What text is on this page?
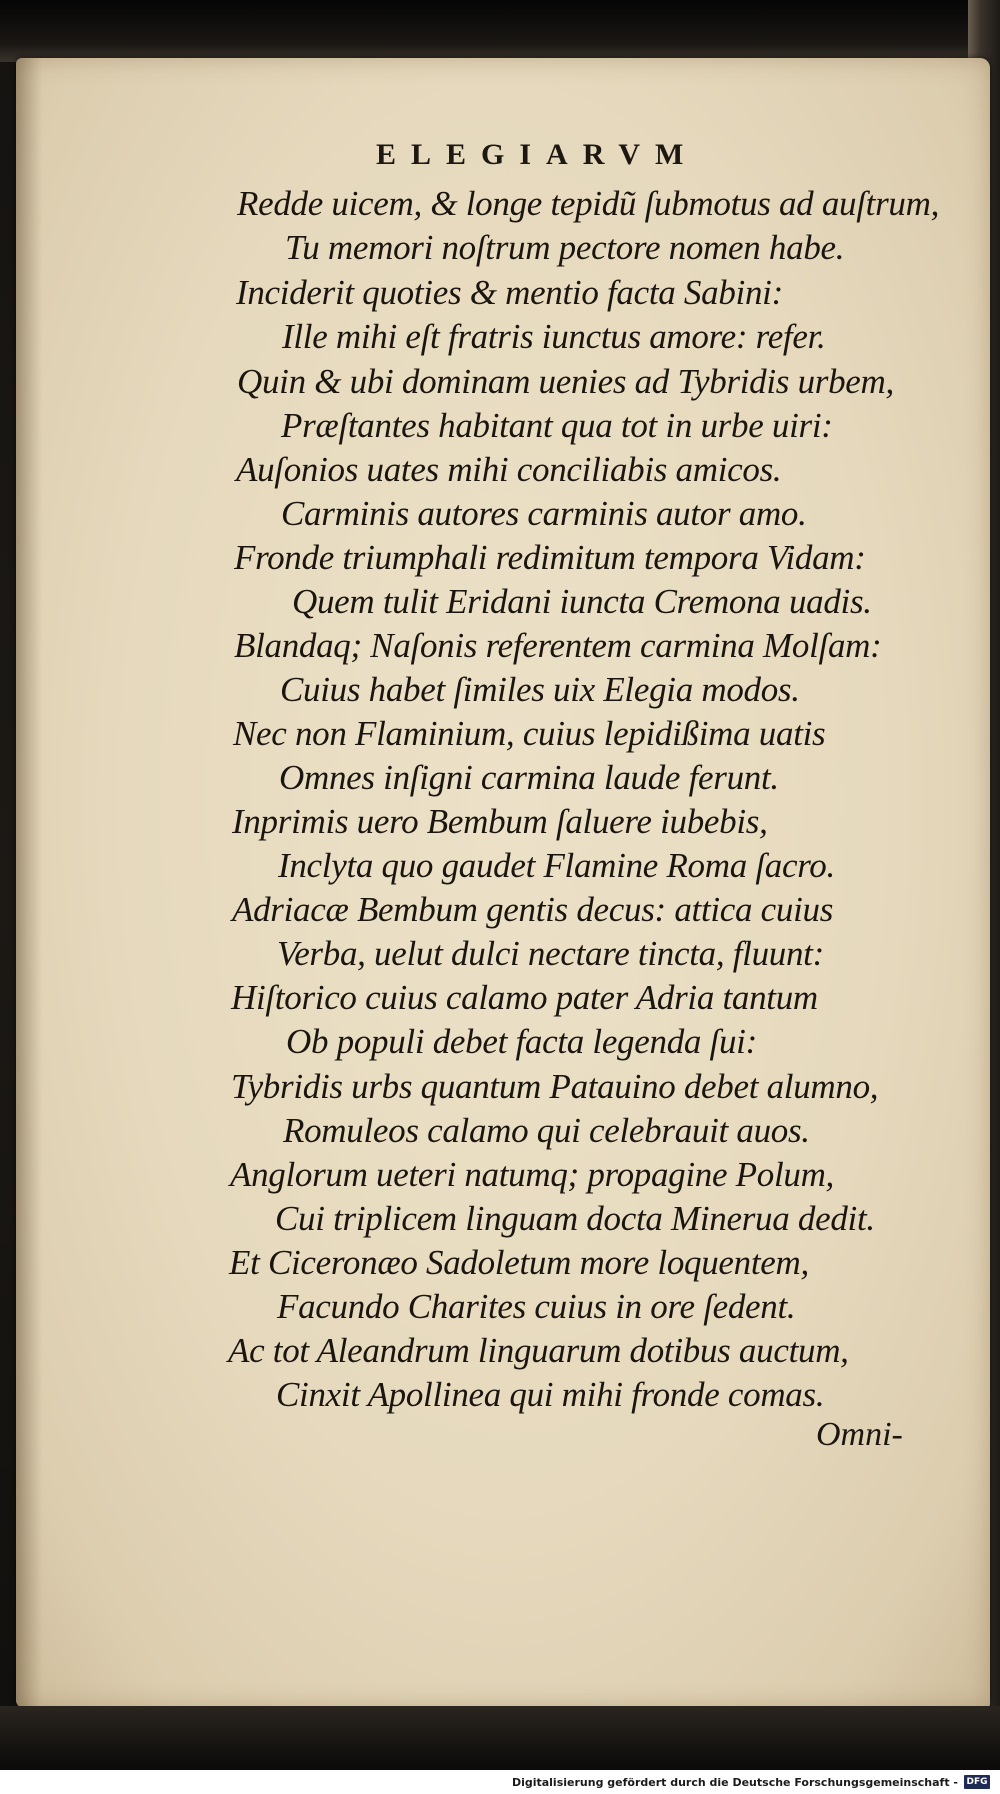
ELEGIARVM
Redde uicem, & longe tepidũ ſubmotus ad auſtrum,
Tu memori noſtrum pectore nomen habe.
Inciderit quoties & mentio facta Sabini:
Ille mihi eſt fratris iunctus amore: refer.
Quin & ubi dominam uenies ad Tybridis urbem,
Præſtantes habitant qua tot in urbe uiri:
Auſonios uates mihi conciliabis amicos.
Carminis autores carminis autor amo.
Fronde triumphali redimitum tempora Vidam:
Quem tulit Eridani iuncta Cremona uadis.
Blandaq; Naſonis referentem carmina Molſam:
Cuius habet ſimiles uix Elegia modos.
Nec non Flaminium, cuius lepidißima uatis
Omnes inſigni carmina laude ferunt.
Inprimis uero Bembum ſaluere iubebis,
Inclyta quo gaudet Flamine Roma ſacro.
Adriacæ Bembum gentis decus: attica cuius
Verba, uelut dulci nectare tincta, fluunt:
Hiſtorico cuius calamo pater Adria tantum
Ob populi debet facta legenda ſui:
Tybridis urbs quantum Patauino debet alumno,
Romuleos calamo qui celebrauit auos.
Anglorum ueteri natumq; propagine Polum,
Cui triplicem linguam docta Minerua dedit.
Et Ciceronæo Sadoletum more loquentem,
Facundo Charites cuius in ore ſedent.
Ac tot Aleandrum linguarum dotibus auctum,
Cinxit Apollinea qui mihi fronde comas.
Omni-
Digitalisierung gefördert durch die Deutsche Forschungsgemeinschaft - DFG
